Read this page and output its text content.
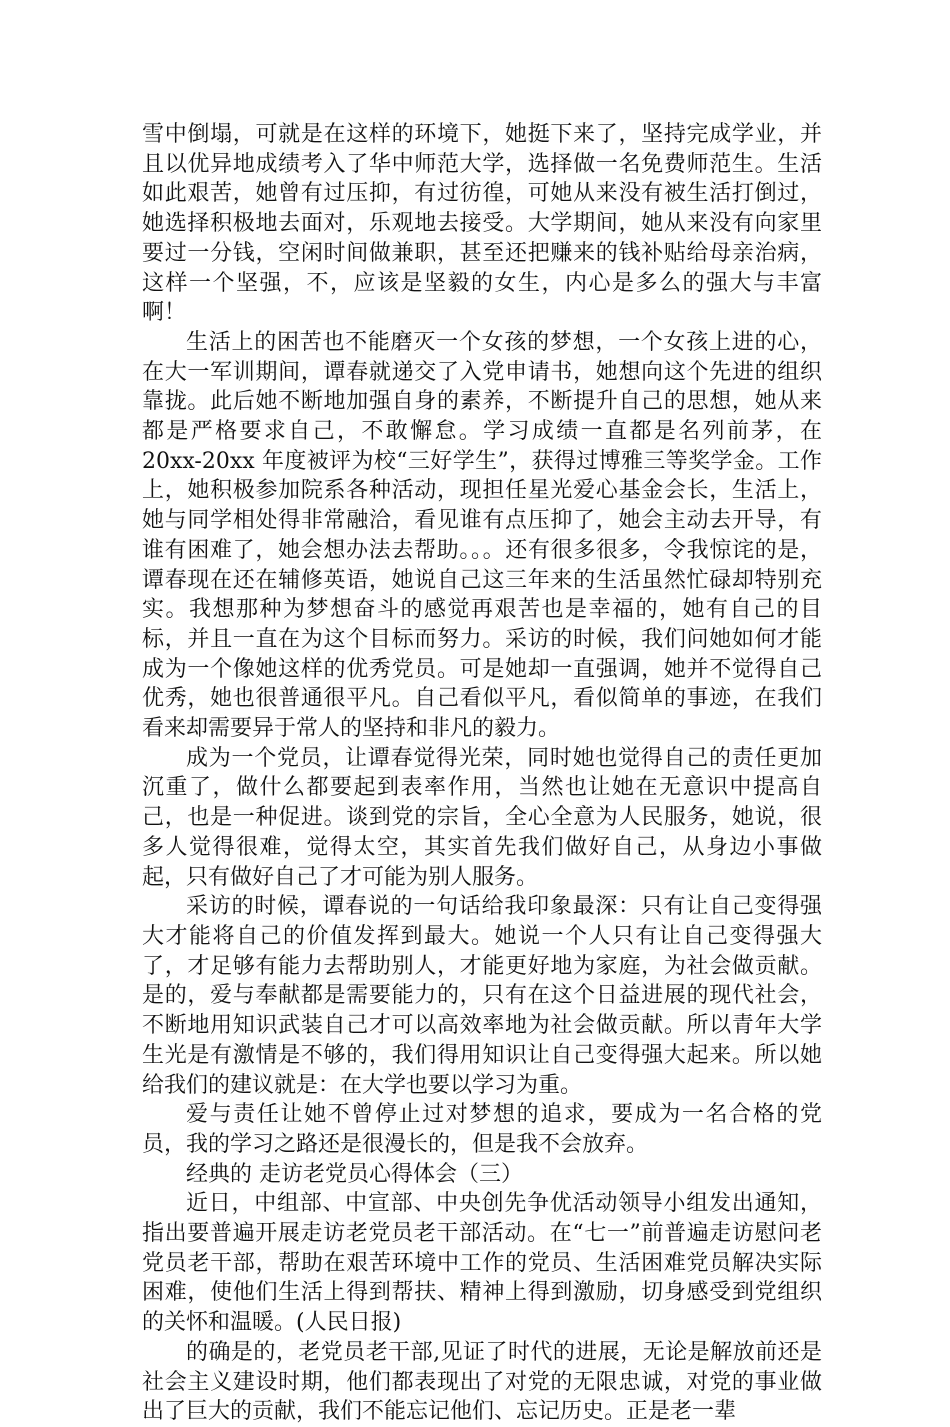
雪中倒塌，可就是在这样的环境下，她挺下来了，坚持完成学业，并且以优异地成绩考入了华中师范大学，选择做一名免费师范生。生活如此艰苦，她曾有过压抑，有过彷徨，可她从来没有被生活打倒过，她选择积极地去面对，乐观地去接受。大学期间，她从来没有向家里要过一分钱，空闲时间做兼职，甚至还把赚来的钱补贴给母亲治病，这样一个坚强，不，应该是坚毅的女生，内心是多么的强大与丰富啊！

生活上的困苦也不能磨灭一个女孩的梦想，一个女孩上进的心，在大一军训期间，谭春就递交了入党申请书，她想向这个先进的组织靠拢。此后她不断地加强自身的素养，不断提升自己的思想，她从来都是严格要求自己，不敢懈怠。学习成绩一直都是名列前茅，在 20xx-20xx 年度被评为校“三好学生”，获得过博雅三等奖学金。工作上，她积极参加院系各种活动，现担任星光爱心基金会长，生活上，她与同学相处得非常融洽，看见谁有点压抑了，她会主动去开导，有谁有困难了，她会想办法去帮助。。。还有很多很多，令我惊诧的是，谭春现在还在辅修英语，她说自己这三年来的生活虽然忙碌却特别充实。我想那种为梦想奋斗的感觉再艰苦也是幸福的，她有自己的目标，并且一直在为这个目标而努力。采访的时候，我们问她如何才能成为一个像她这样的优秀党员。可是她却一直强调，她并不觉得自己优秀，她也很普通很平凡。自己看似平凡，看似简单的事迹，在我们看来却需要异于常人的坚持和非凡的毅力。

成为一个党员，让谭春觉得光荣，同时她也觉得自己的责任更加沉重了，做什么都要起到表率作用，当然也让她在无意识中提高自己，也是一种促进。谈到党的宗旨，全心全意为人民服务，她说，很多人觉得很难，觉得太空，其实首先我们做好自己，从身边小事做起，只有做好自己了才可能为别人服务。

采访的时候，谭春说的一句话给我印象最深：只有让自己变得强大才能将自己的价值发挥到最大。她说一个人只有让自己变得强大了，才足够有能力去帮助别人，才能更好地为家庭，为社会做贡献。是的，爱与奉献都是需要能力的，只有在这个日益进展的现代社会，不断地用知识武装自己才可以高效率地为社会做贡献。所以青年大学生光是有激情是不够的，我们得用知识让自己变得强大起来。所以她给我们的建议就是：在大学也要以学习为重。

爱与责任让她不曾停止过对梦想的追求，要成为一名合格的党员，我的学习之路还是很漫长的，但是我不会放弃。

经典的 走访老党员心得体会（三）

近日，中组部、中宣部、中央创先争优活动领导小组发出通知，指出要普遍开展走访老党员老干部活动。在“七一”前普遍走访慰问老党员老干部，帮助在艰苦环境中工作的党员、生活困难党员解决实际困难，使他们生活上得到帮扶、精神上得到激励，切身感受到党组织的关怀和温暖。(人民日报)

的确是的，老党员老干部,见证了时代的进展，无论是解放前还是社会主义建设时期，他们都表现出了对党的无限忠诚，对党的事业做出了巨大的贡献，我们不能忘记他们、忘记历史。正是老一辈
